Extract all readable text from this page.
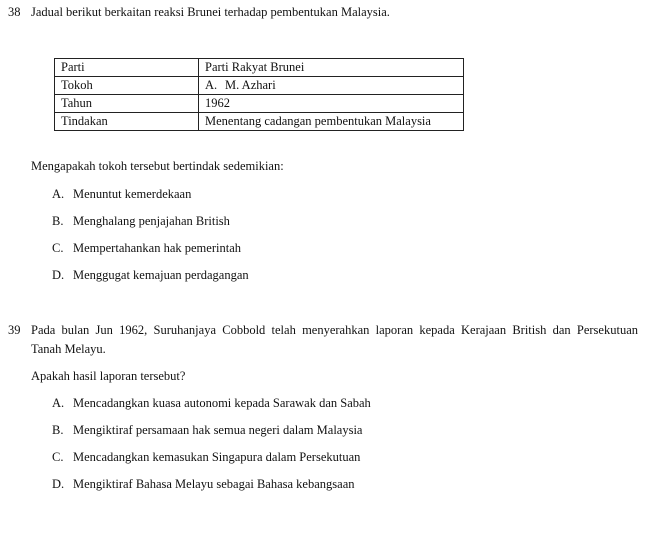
38 Jadual berikut berkaitan reaksi Brunei terhadap pembentukan Malaysia.
Parti	Parti Rakyat Brunei
Tokoh	A. M. Azhari
Tahun	1962
Tindakan	Menentang cadangan pembentukan Malaysia
Mengapakah tokoh tersebut bertindak sedemikian:
A. Menuntut kemerdekaan
B. Menghalang penjajahan British
C. Mempertahankan hak pemerintah
D. Menggugat kemajuan perdagangan
39 Pada bulan Jun 1962, Suruhanjaya Cobbold telah menyerahkan laporan kepada Kerajaan British dan Persekutuan
Tanah Melayu.
Apakah hasil laporan tersebut?
A. Mencadangkan kuasa autonomi kepada Sarawak dan Sabah
B. Mengiktiraf persamaan hak semua negeri dalam Malaysia
C. Mencadangkan kemasukan Singapura dalam Persekutuan
D. Mengiktiraf Bahasa Melayu sebagai Bahasa kebangsaan
